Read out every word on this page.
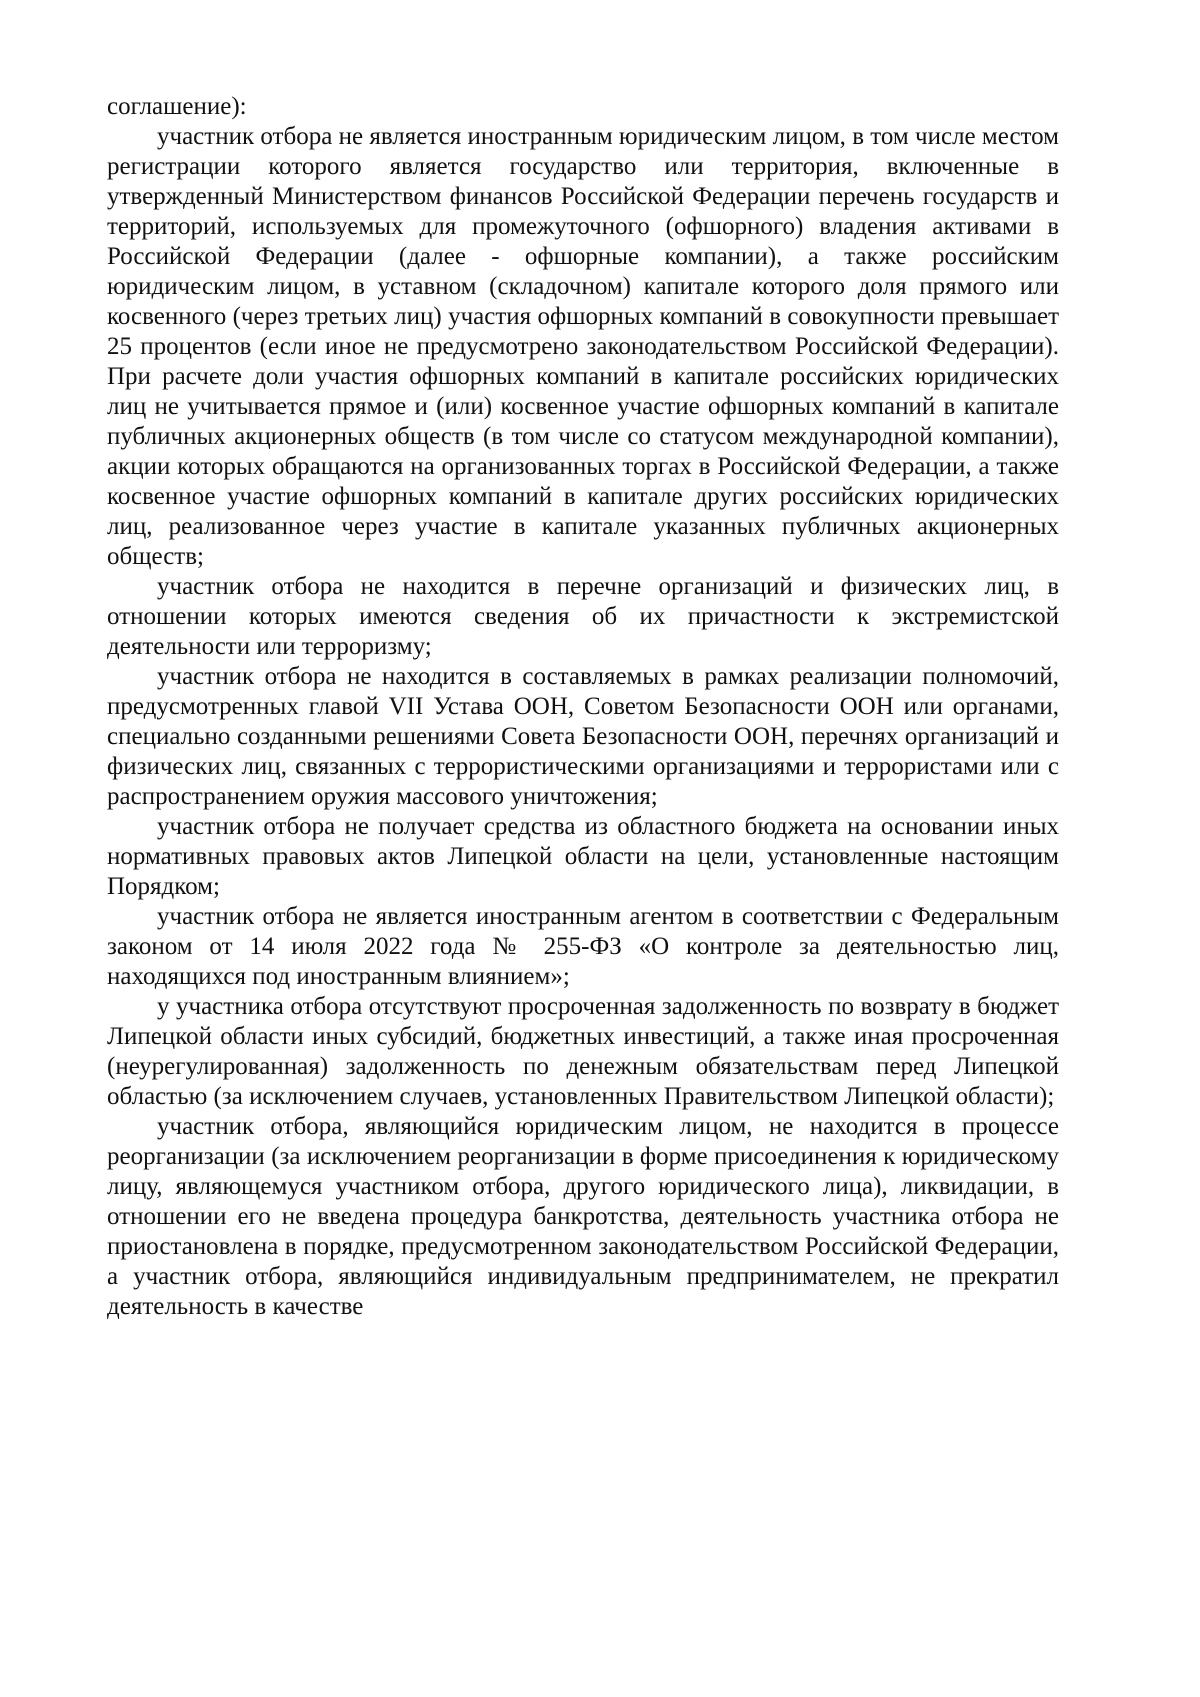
соглашение):

участник отбора не является иностранным юридическим лицом, в том числе местом регистрации которого является государство или территория, включенные в утвержденный Министерством финансов Российской Федерации перечень государств и территорий, используемых для промежуточного (офшорного) владения активами в Российской Федерации (далее - офшорные компании), а также российским юридическим лицом, в уставном (складочном) капитале которого доля прямого или косвенного (через третьих лиц) участия офшорных компаний в совокупности превышает 25 процентов (если иное не предусмотрено законодательством Российской Федерации). При расчете доли участия офшорных компаний в капитале российских юридических лиц не учитывается прямое и (или) косвенное участие офшорных компаний в капитале публичных акционерных обществ (в том числе со статусом международной компании), акции которых обращаются на организованных торгах в Российской Федерации, а также косвенное участие офшорных компаний в капитале других российских юридических лиц, реализованное через участие в капитале указанных публичных акционерных обществ;

участник отбора не находится в перечне организаций и физических лиц, в отношении которых имеются сведения об их причастности к экстремистской деятельности или терроризму;

участник отбора не находится в составляемых в рамках реализации полномочий, предусмотренных главой VII Устава ООН, Советом Безопасности ООН или органами, специально созданными решениями Совета Безопасности ООН, перечнях организаций и физических лиц, связанных с террористическими организациями и террористами или с распространением оружия массового уничтожения;

участник отбора не получает средства из областного бюджета на основании иных нормативных правовых актов Липецкой области на цели, установленные настоящим Порядком;

участник отбора не является иностранным агентом в соответствии с Федеральным законом от 14 июля 2022 года № 255-ФЗ «О контроле за деятельностью лиц, находящихся под иностранным влиянием»;

у участника отбора отсутствуют просроченная задолженность по возврату в бюджет Липецкой области иных субсидий, бюджетных инвестиций, а также иная просроченная (неурегулированная) задолженность по денежным обязательствам перед Липецкой областью (за исключением случаев, установленных Правительством Липецкой области);

участник отбора, являющийся юридическим лицом, не находится в процессе реорганизации (за исключением реорганизации в форме присоединения к юридическому лицу, являющемуся участником отбора, другого юридического лица), ликвидации, в отношении его не введена процедура банкротства, деятельность участника отбора не приостановлена в порядке, предусмотренном законодательством Российской Федерации, а участник отбора, являющийся индивидуальным предпринимателем, не прекратил деятельность в качестве
